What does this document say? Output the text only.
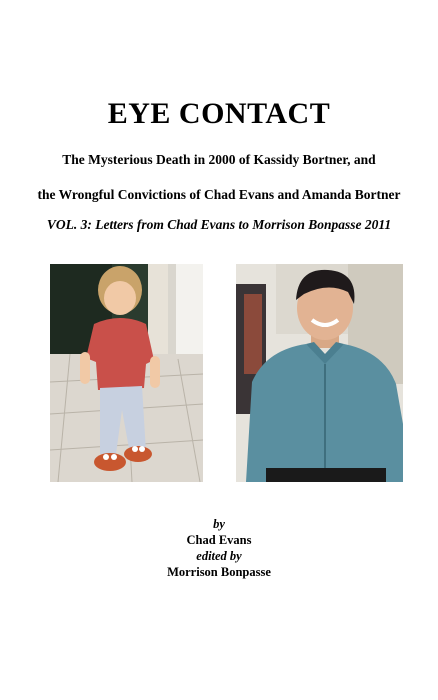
EYE CONTACT
The Mysterious Death in 2000 of Kassidy Bortner, and
the Wrongful Convictions of Chad Evans and Amanda Bortner
VOL. 3: Letters from Chad Evans to Morrison Bonpasse 2011
by
Chad Evans
edited by
Morrison Bonpasse
